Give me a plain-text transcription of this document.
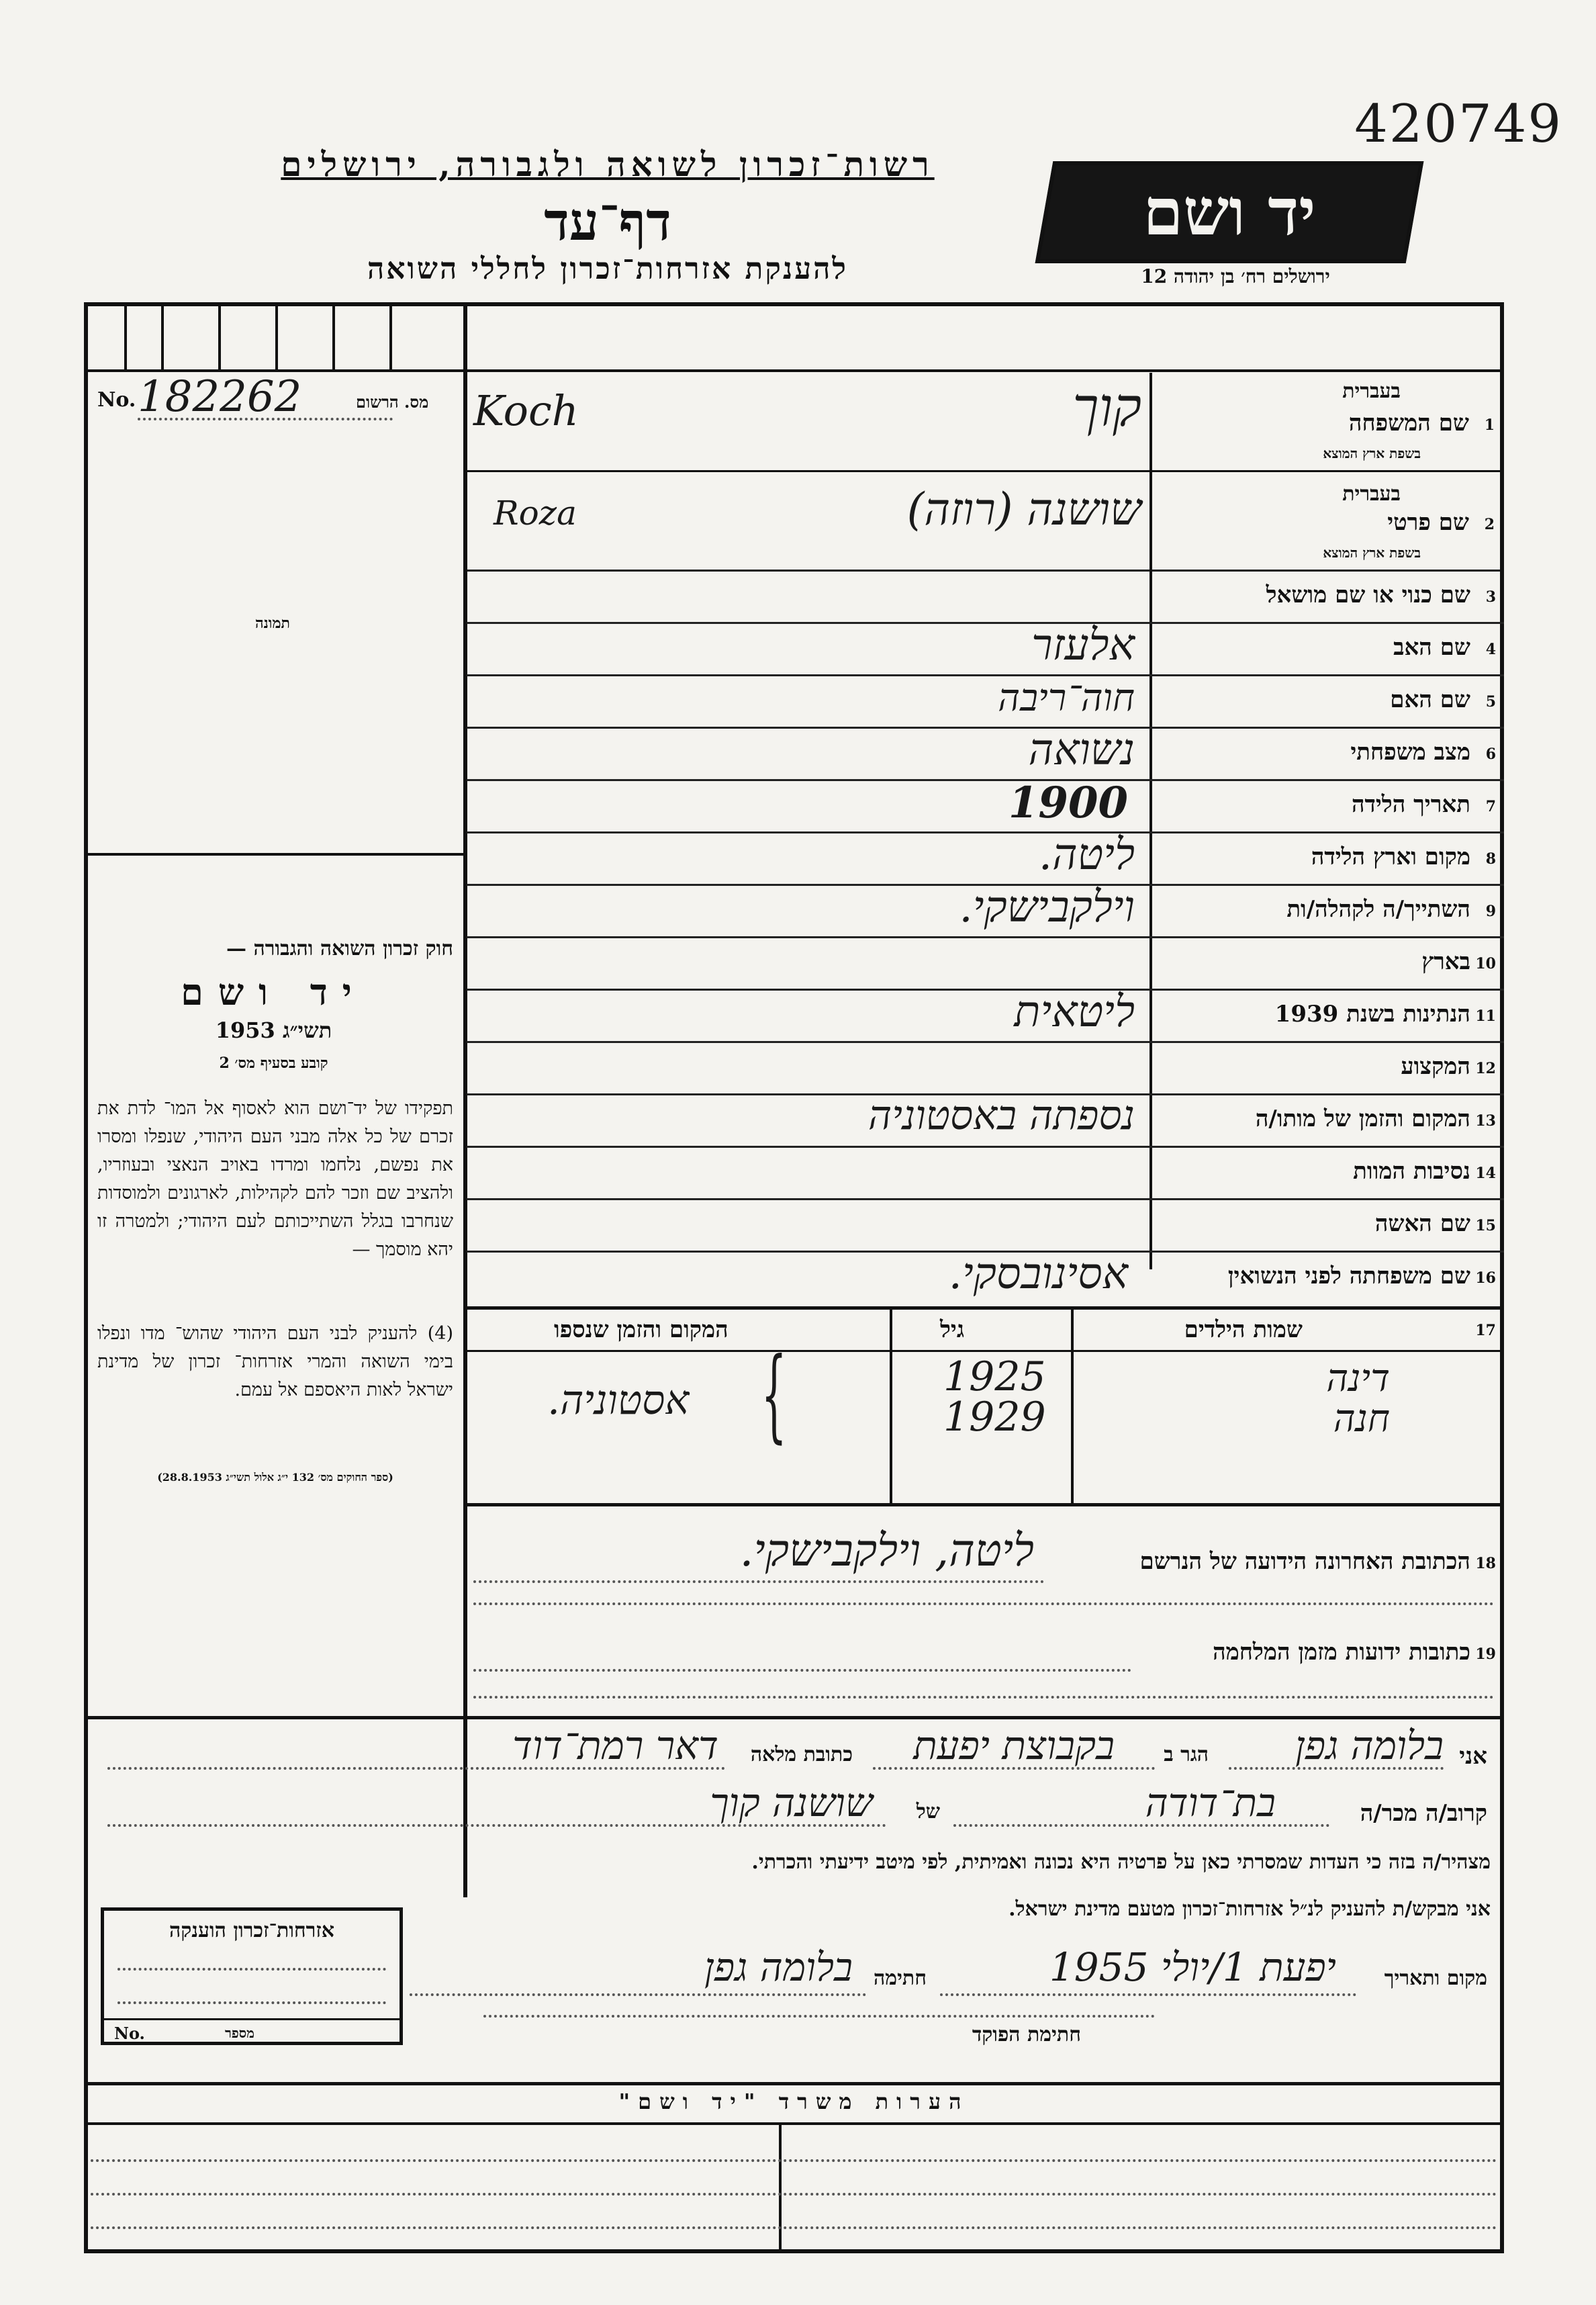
420749
רשות־זכרון לשואה ולגבורה, ירושלים
דף־עד
להענקת אזרחות־זכרון לחללי השואה
יד ושם
ירושלים רח׳ בן יהודה 12
No. 182262	מס. הרשום
תמונה
חוק זכרון השואה והגבורה —
יד ושם
תשי״ג 1953
קובע בסעיף מס׳ 2
תפקידו של יד־ושם הוא לאסוף אל המו־ לדת את זכרם של כל אלה מבני העם היהודי, שנפלו ומסרו את נפשם, נלחמו ומרדו באויב הנאצי ובעוזריו, ולהציב שם וזכר להם לקהילות, לארגונים ולמוסדות שנחרבו בגלל השתייכותם לעם היהודי; ולמטרה זו יהא מוסמך —
(4) להעניק לבני העם היהודי שהוש־ מדו ונפלו בימי השואה והמרי אזרחות־ זכרון של מדינת ישראל לאות היאספם אל עמם.
(ספר החוקים מס׳ 132 י״ג אלול תשי״ג 28.8.1953)
1
שם המשפחה
בעברית
בשפת ארץ המוצא
קוך
Koch
2
שם פרטי
בעברית
בשפת ארץ המוצא
שושנה (רוזה)
Roza
3
שם כנוי או שם מושאל
4
שם האב
אלעזר
5
שם האם
חוה־ריבה
6
מצב משפחתי
נשואה
7
תאריך הלידה
1900
8
מקום וארץ הלידה
ליטה.
9
השתייך/ה לקהלה/ות
וילקבישקי.
10
בארץ
11
הנתינות בשנת 1939
ליטאית
12
המקצוע
13
המקום והזמן של מותו/ה
נספתה באסטוניה
14
נסיבות המוות
15
שם האשה
16
שם משפחתה לפני הנשואין
אסינובסקי.
17
שמות הילדים
גיל
המקום והזמן שנספו
דינה
1925
חנה
1929
{
אסטוניה.
18
הכתובת האחרונה הידועה של הנרשם
ליטה, וילקבישקי.
19
כתובות ידועות מזמן המלחמה
אני
בלומה גפן
הגר ב
בקבוצת יפעת
כתובת מלאה
דאר רמת־דוד
קרוב/ה מכר/ה
בת־דודה
של
שושנה קוך
מצהיר/ה בזה כי העדות שמסרתי כאן על פרטיה היא נכונה ואמיתית, לפי מיטב ידיעתי והכרתי.
אני מבקש/ת להעניק לנ״ל אזרחות־זכרון מטעם מדינת ישראל.
מקום ותאריך
יפעת 1/יולי 1955
חתימה
בלומה גפן
חתימת הפוקד
אזרחות־זכרון הוענקה
No.	מספר
הערות משרד "יד ושם"
